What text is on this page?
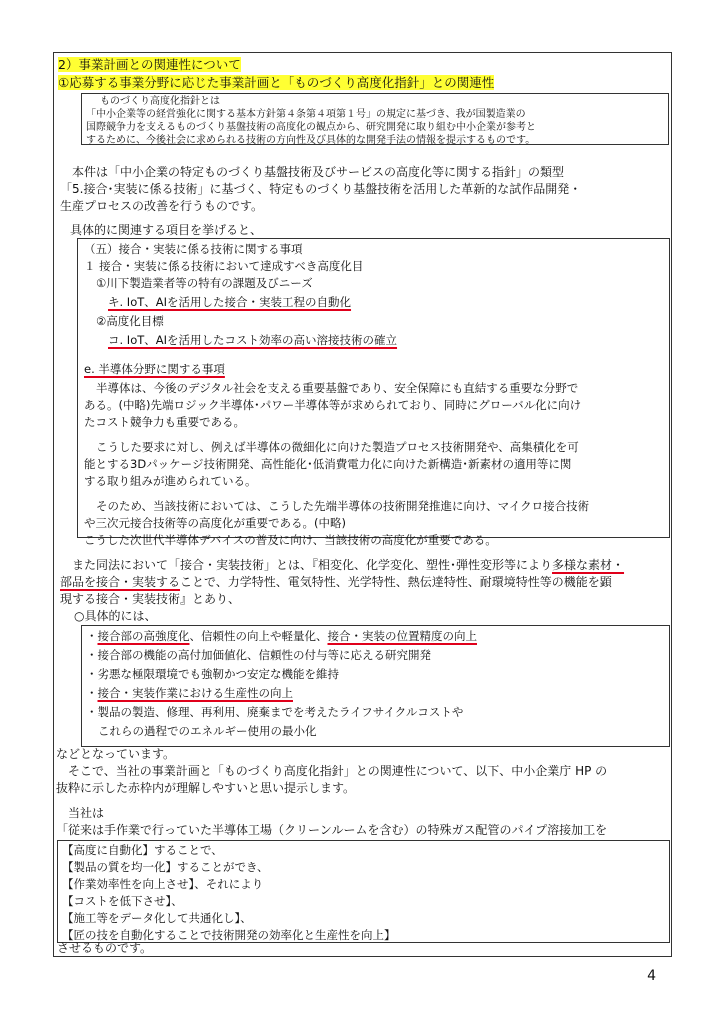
2）事業計画との関連性について
①応募する事業分野に応じた事業計画と「ものづくり高度化指針」との関連性
ものづくり高度化指針とは
「中小企業等の経営強化に関する基本方針第４条第４項第１号」の規定に基づき、我が国製造業の
国際競争力を支えるものづくり基盤技術の高度化の観点から、研究開発に取り組む中小企業が参考と
するために、今後社会に求められる技術の方向性及び具体的な開発手法の情報を提示するものです。
本件は「中小企業の特定ものづくり基盤技術及びサービスの高度化等に関する指針」の類型
「5.接合･実装に係る技術」に基づく、特定ものづくり基盤技術を活用した革新的な試作品開発・
生産プロセスの改善を行うものです。
具体的に関連する項目を挙げると、
（五）接合・実装に係る技術に関する事項
１ 接合・実装に係る技術において達成すべき高度化目
①川下製造業者等の特有の課題及びニーズ
キ. IoT、AIを活用した接合・実装工程の自動化
②高度化目標
コ. IoT、AIを活用したコスト効率の高い溶接技術の確立
e. 半導体分野に関する事項
半導体は、今後のデジタル社会を支える重要基盤であり、安全保障にも直結する重要な分野で
ある。(中略)先端ロジック半導体･パワー半導体等が求められており、同時にグローバル化に向け
たコスト競争力も重要である。
こうした要求に対し、例えば半導体の微細化に向けた製造プロセス技術開発や、高集積化を可
能とする3Dパッケージ技術開発、高性能化･低消費電力化に向けた新構造･新素材の適用等に関
する取り組みが進められている。
そのため、当該技術においては、こうした先端半導体の技術開発推進に向け、マイクロ接合技術
や三次元接合技術等の高度化が重要である。(中略)
こうした次世代半導体デバイスの普及に向け、当該技術の高度化が重要である。
また同法において「接合・実装技術」とは、『相変化、化学変化、塑性･弾性変形等により多様な素材・
部品を接合・実装することで、力学特性、電気特性、光学特性、熱伝達特性、耐環境特性等の機能を顕
現する接合・実装技術』とあり、
○具体的には、
・接合部の高強度化、信頼性の向上や軽量化、接合・実装の位置精度の向上
・接合部の機能の高付加価値化、信頼性の付与等に応える研究開発
・劣悪な極限環境でも強靭かつ安定な機能を維持
・接合・実装作業における生産性の向上
・製品の製造、修理、再利用、廃棄までを考えたライフサイクルコストや
これらの過程でのエネルギー使用の最小化
などとなっています。
そこで、当社の事業計画と「ものづくり高度化指針」との関連性について、以下、中小企業庁 HP の
抜粋に示した赤枠内が理解しやすいと思い提示します。
当社は
「従来は手作業で行っていた半導体工場（クリーンルームを含む）の特殊ガス配管のパイプ溶接加工を
【高度に自動化】することで、
【製品の質を均一化】することができ、
【作業効率性を向上させ】、それにより
【コストを低下させ】、
【施工等をデータ化して共通化し】、
【匠の技を自動化することで技術開発の効率化と生産性を向上】
させるものです。
4
